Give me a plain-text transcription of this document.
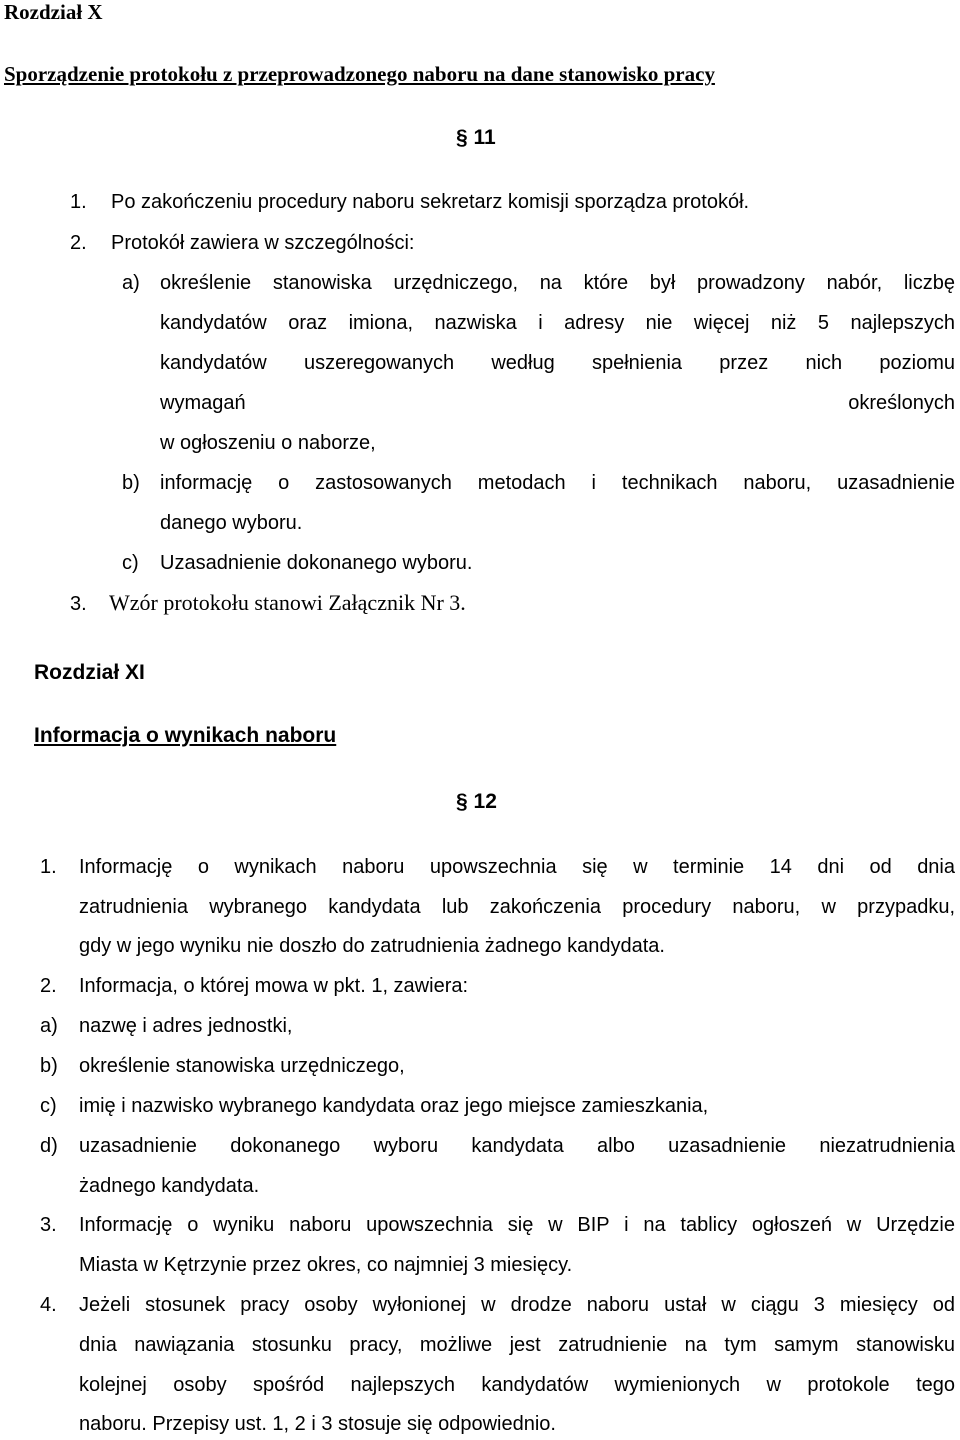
Rozdział X
Sporządzenie protokołu z przeprowadzonego naboru na dane stanowisko pracy
§ 11
1. Po zakończeniu procedury naboru sekretarz komisji sporządza protokół.
2. Protokół zawiera w szczególności:
a) określenie stanowiska urzędniczego, na które był prowadzony nabór, liczbę
kandydatów oraz imiona, nazwiska i adresy nie więcej niż 5 najlepszych
kandydatów uszeregowanych według spełnienia przez nich poziomu
wymagań określonych
w ogłoszeniu o naborze,
b) informację o zastosowanych metodach i technikach naboru, uzasadnienie
danego wyboru.
c) Uzasadnienie dokonanego wyboru.
3. Wzór protokołu stanowi Załącznik Nr 3.
Rozdział XI
Informacja o wynikach naboru
§ 12
1. Informację o wynikach naboru upowszechnia się w terminie 14 dni od dnia
zatrudnienia wybranego kandydata lub zakończenia procedury naboru, w przypadku,
gdy w jego wyniku nie doszło do zatrudnienia żadnego kandydata.
2. Informacja, o której mowa w pkt. 1, zawiera:
a) nazwę i adres jednostki,
b) określenie stanowiska urzędniczego,
c) imię i nazwisko wybranego kandydata oraz jego miejsce zamieszkania,
d) uzasadnienie dokonanego wyboru kandydata albo uzasadnienie niezatrudnienia
żadnego kandydata.
3. Informację o wyniku naboru upowszechnia się w BIP i na tablicy ogłoszeń w Urzędzie
Miasta w Kętrzynie przez okres, co najmniej 3 miesięcy.
4. Jeżeli stosunek pracy osoby wyłonionej w drodze naboru ustał w ciągu 3 miesięcy od
dnia nawiązania stosunku pracy, możliwe jest zatrudnienie na tym samym stanowisku
kolejnej osoby spośród najlepszych kandydatów wymienionych w protokole tego
naboru. Przepisy ust. 1, 2 i 3 stosuje się odpowiednio.
